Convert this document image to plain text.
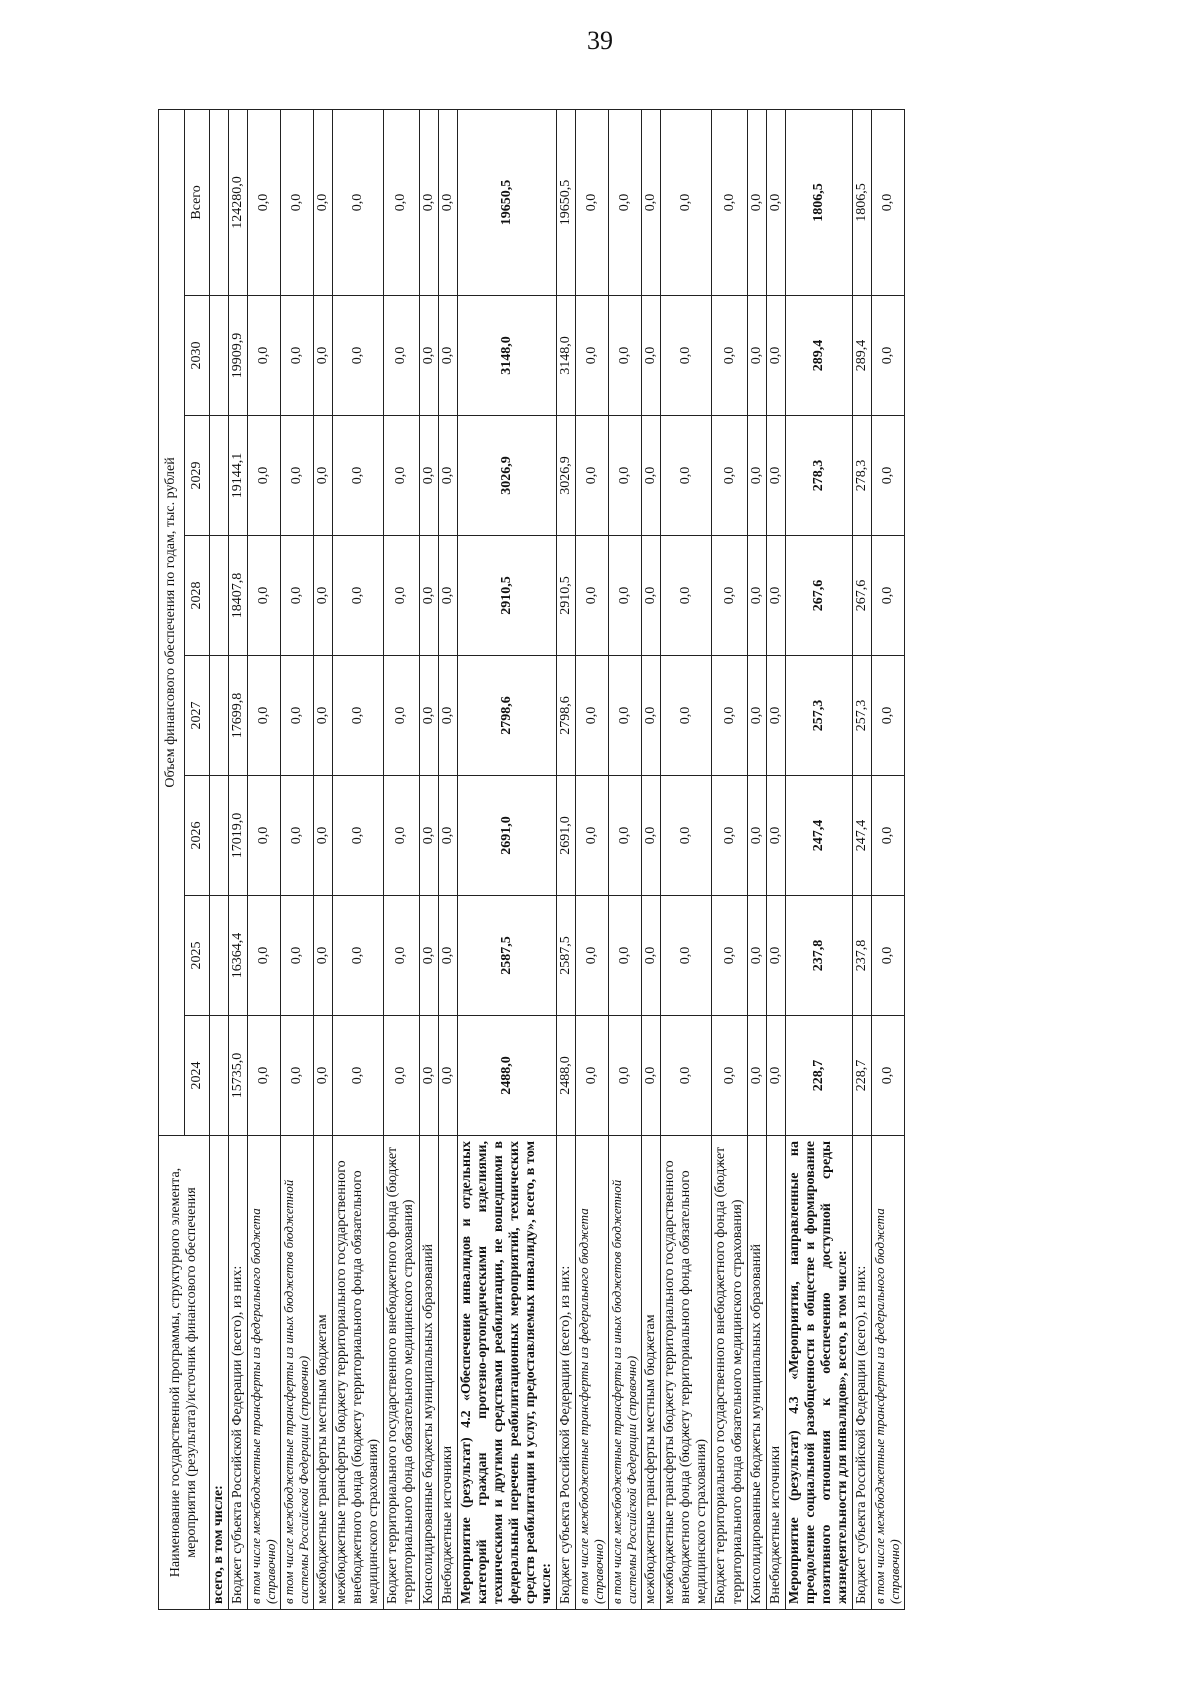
39
Наименование государственной программы, структурного элемента, мероприятия (результата)/источник финансового обеспечения	Объем финансового обеспечения по годам, тыс. рублей							
	2024	2025	2026	2027	2028	2029	2030	Всего
всего, в том числе:								
Бюджет субъекта Российской Федерации (всего), из них:	15735,0	16364,4	17019,0	17699,8	18407,8	19144,1	19909,9	124280,0
в том числе межбюджетные трансферты из федерального бюджета (справочно)	0,0	0,0	0,0	0,0	0,0	0,0	0,0	0,0
в том числе межбюджетные трансферты из иных бюджетов бюджетной системы Российской Федерации (справочно)	0,0	0,0	0,0	0,0	0,0	0,0	0,0	0,0
межбюджетные трансферты местным бюджетам	0,0	0,0	0,0	0,0	0,0	0,0	0,0	0,0
межбюджетные трансферты бюджету территориального государственного внебюджетного фонда (бюджету территориального фонда обязательного медицинского страхования)	0,0	0,0	0,0	0,0	0,0	0,0	0,0	0,0
Бюджет территориального государственного внебюджетного фонда (бюджет территориального фонда обязательного медицинского страхования)	0,0	0,0	0,0	0,0	0,0	0,0	0,0	0,0
Консолидированные бюджеты муниципальных образований	0,0	0,0	0,0	0,0	0,0	0,0	0,0	0,0
Внебюджетные источники	0,0	0,0	0,0	0,0	0,0	0,0	0,0	0,0
Мероприятие (результат) 4.2 «Обеспечение инвалидов и отдельных категорий граждан протезно-ортопедическими изделиями, техническими и другими средствами реабилитации, не вошедшими в федеральный перечень реабилитационных мероприятий, технических средств реабилитации и услуг, предоставляемых инвалиду», всего, в том числе:	2488,0	2587,5	2691,0	2798,6	2910,5	3026,9	3148,0	19650,5
Бюджет субъекта Российской Федерации (всего), из них:	2488,0	2587,5	2691,0	2798,6	2910,5	3026,9	3148,0	19650,5
в том числе межбюджетные трансферты из федерального бюджета (справочно)	0,0	0,0	0,0	0,0	0,0	0,0	0,0	0,0
в том числе межбюджетные трансферты из иных бюджетов бюджетной системы Российской Федерации (справочно)	0,0	0,0	0,0	0,0	0,0	0,0	0,0	0,0
межбюджетные трансферты местным бюджетам	0,0	0,0	0,0	0,0	0,0	0,0	0,0	0,0
межбюджетные трансферты бюджету территориального государственного внебюджетного фонда (бюджету территориального фонда обязательного медицинского страхования)	0,0	0,0	0,0	0,0	0,0	0,0	0,0	0,0
Бюджет территориального государственного внебюджетного фонда (бюджет территориального фонда обязательного медицинского страхования)	0,0	0,0	0,0	0,0	0,0	0,0	0,0	0,0
Консолидированные бюджеты муниципальных образований	0,0	0,0	0,0	0,0	0,0	0,0	0,0	0,0
Внебюджетные источники	0,0	0,0	0,0	0,0	0,0	0,0	0,0	0,0
Мероприятие (результат) 4.3 «Мероприятия, направленные на преодоление социальной разобщенности в обществе и формирование позитивного отношения к обеспечению доступной среды жизнедеятельности для инвалидов», всего, в том числе:	228,7	237,8	247,4	257,3	267,6	278,3	289,4	1806,5
Бюджет субъекта Российской Федерации (всего), из них:	228,7	237,8	247,4	257,3	267,6	278,3	289,4	1806,5
в том числе межбюджетные трансферты из федерального бюджета (справочно)	0,0	0,0	0,0	0,0	0,0	0,0	0,0	0,0
